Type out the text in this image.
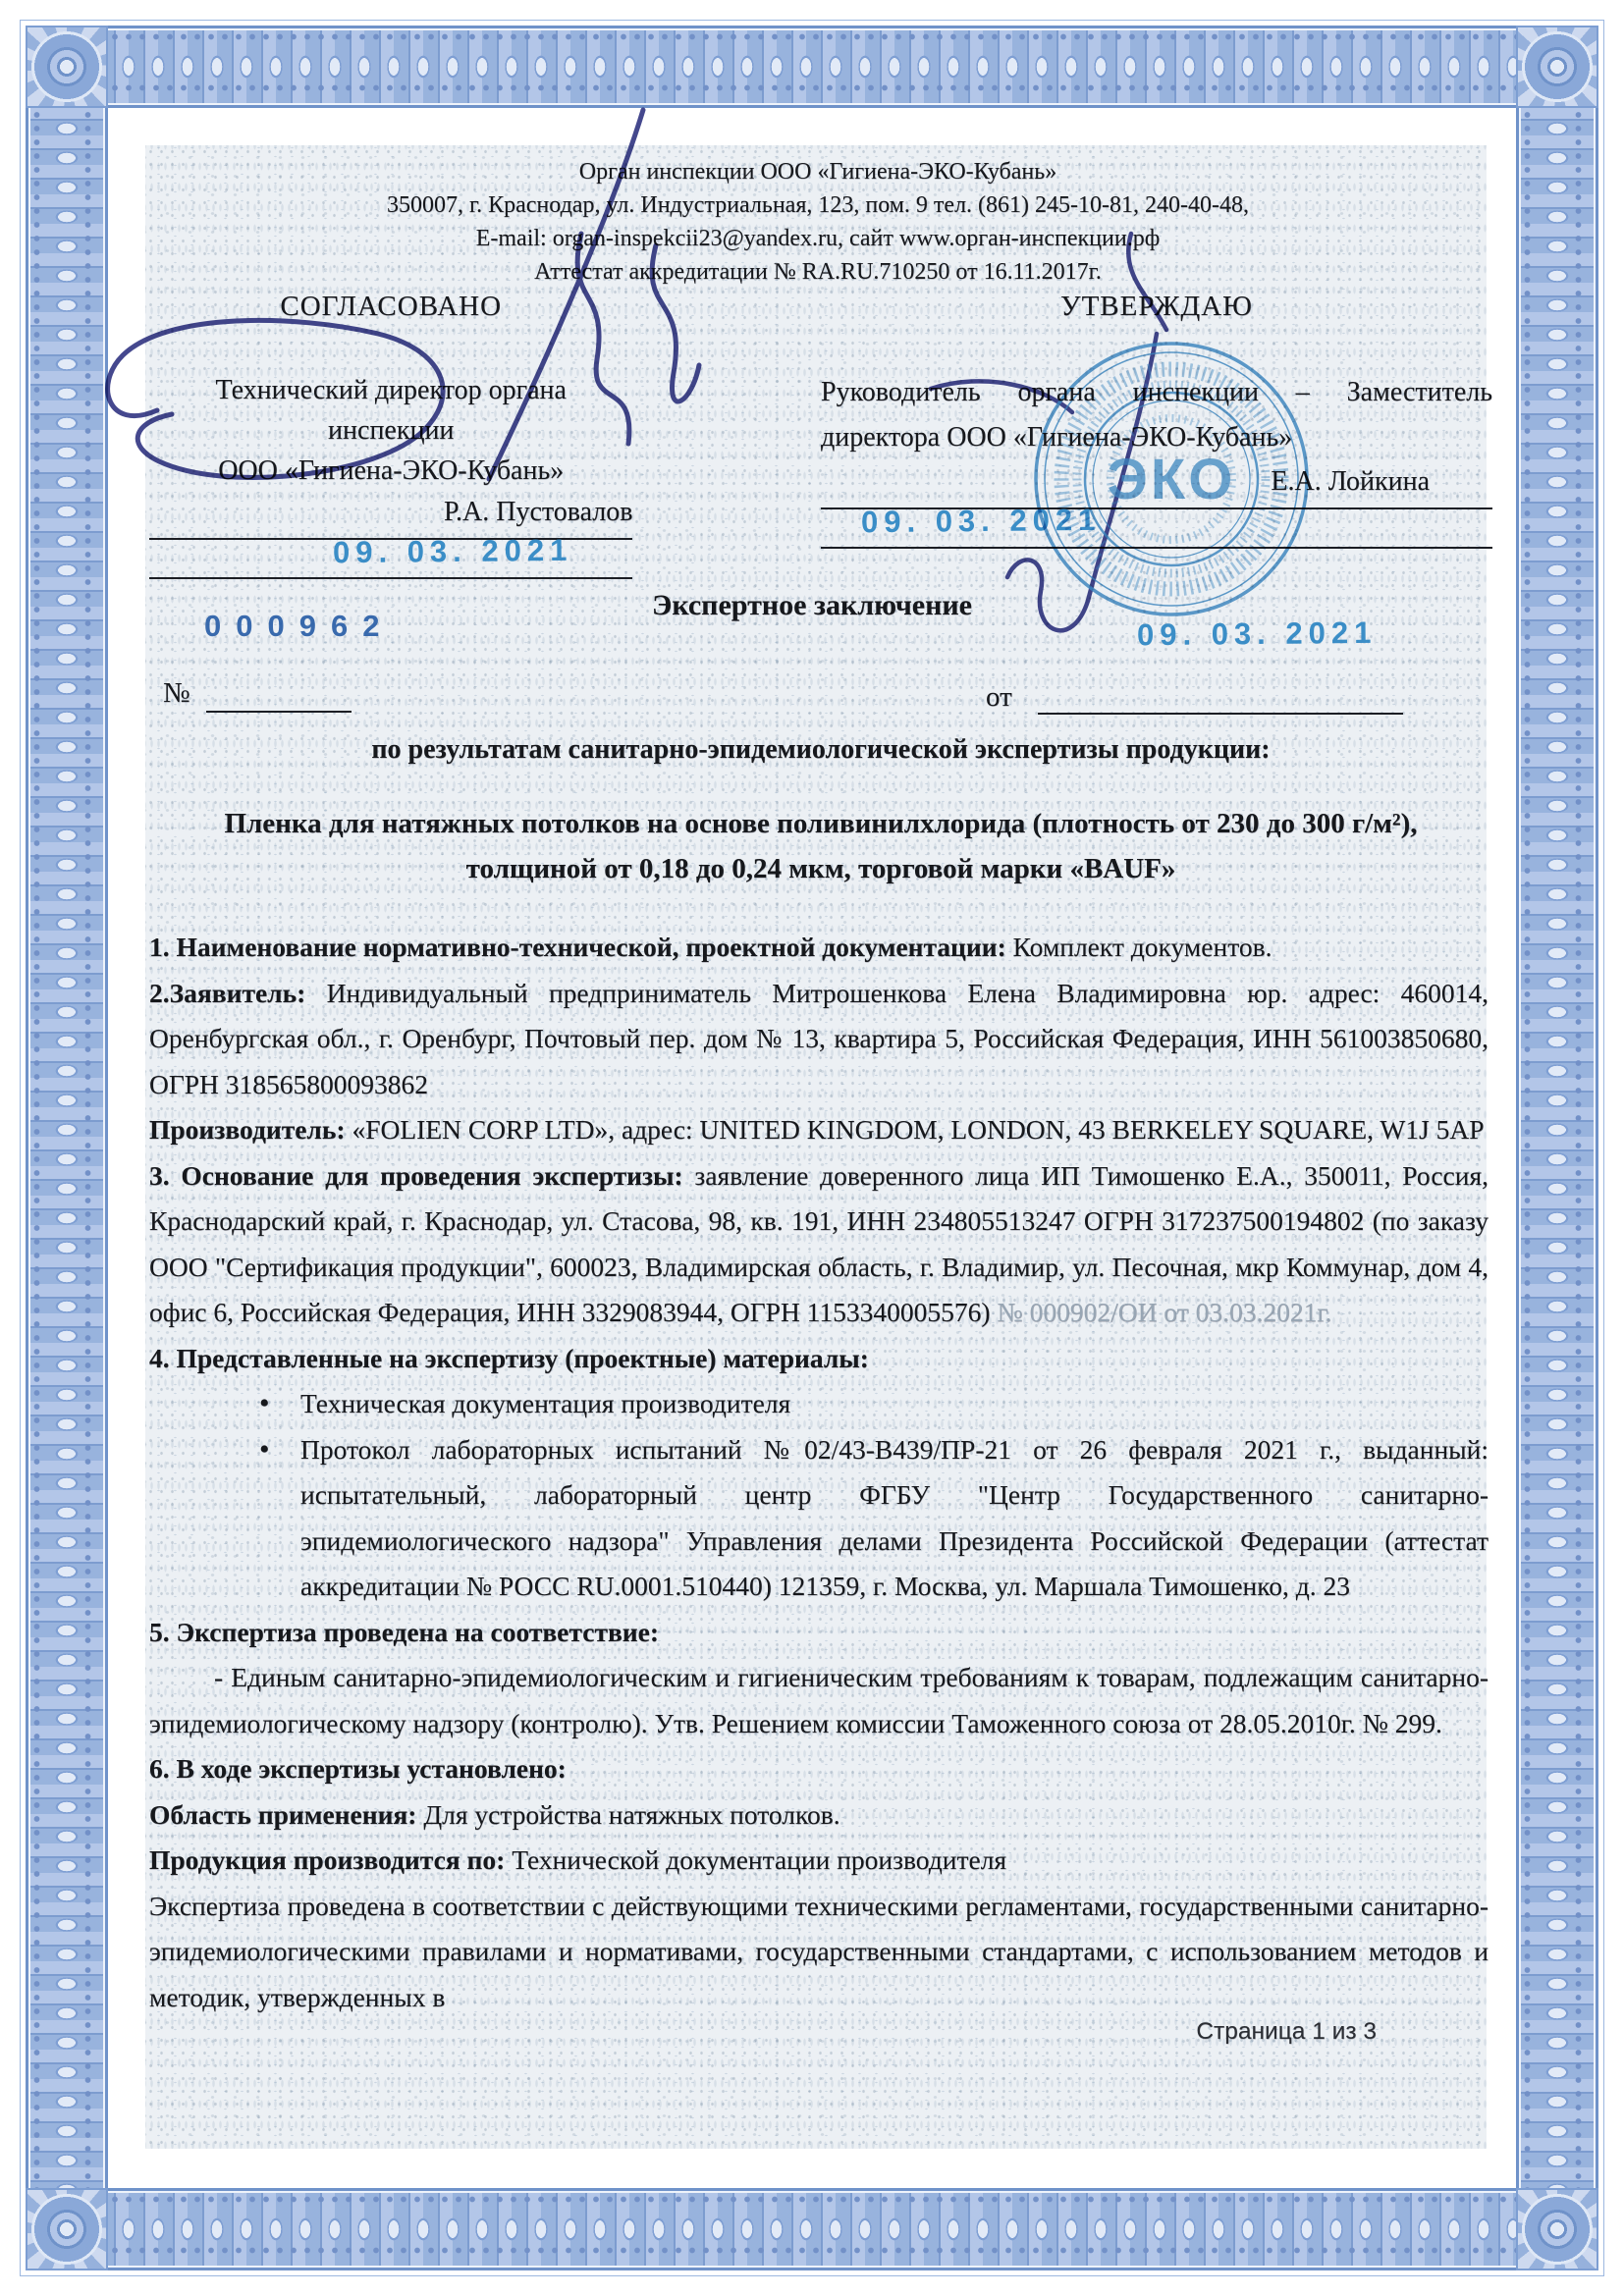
Орган инспекции ООО «Гигиена-ЭКО-Кубань»
350007, г. Краснодар, ул. Индустриальная, 123, пом. 9 тел. (861) 245-10-81, 240-40-48,
E-mail: organ-inspekcii23@yandex.ru, сайт www.орган-инспекции.рф
Аттестат аккредитации № RA.RU.710250 от 16.11.2017г.
СОГЛАСОВАНО
Технический директор органа инспекции
ООО «Гигиена-ЭКО-Кубань»
Р.А. Пустовалов
09. 03. 2021
УТВЕРЖДАЮ
Руководитель органа инспекции – Заместитель директора ООО «Гигиена-ЭКО-Кубань»
Е.А. Лойкина
09. 03. 2021
Экспертное заключение
№	от
000962	09. 03. 2021
по результатам санитарно-эпидемиологической экспертизы продукции:
Пленка для натяжных потолков на основе поливинилхлорида (плотность от 230 до 300 г/м²), толщиной от 0,18 до 0,24 мкм, торговой марки «BAUF»

1. Наименование нормативно-технической, проектной документации: Комплект документов.

2.Заявитель: Индивидуальный предприниматель Митрошенкова Елена Владимировна юр. адрес: 460014, Оренбургская обл., г. Оренбург, Почтовый пер. дом № 13, квартира 5, Российская Федерация, ИНН 561003850680, ОГРН 318565800093862

Производитель: «FOLIEN CORP LTD», адрес: UNITED KINGDOM, LONDON, 43 BERKELEY SQUARE, W1J 5AP

3. Основание для проведения экспертизы: заявление доверенного лица ИП Тимошенко Е.А., 350011, Россия, Краснодарский край, г. Краснодар, ул. Стасова, 98, кв. 191, ИНН 234805513247 ОГРН 317237500194802 (по заказу ООО "Сертификация продукции", 600023, Владимирская область, г. Владимир, ул. Песочная, мкр Коммунар, дом 4, офис 6, Российская Федерация, ИНН 3329083944, ОГРН 1153340005576) № 000902/ОИ от 03.03.2021г.

4. Представленные на экспертизу (проектные) материалы:

• Техническая документация производителя
• Протокол лабораторных испытаний №02/43-В439/ПР-21 от 26 февраля 2021 г., выданный: испытательный, лабораторный центр ФГБУ "Центр Государственного санитарно-эпидемиологического надзора" Управления делами Президента Российской Федерации (аттестат аккредитации № РОСС RU.0001.510440) 121359, г. Москва, ул. Маршала Тимошенко, д. 23

5. Экспертиза проведена на соответствие:

- Единым санитарно-эпидемиологическим и гигиеническим требованиям к товарам, подлежащим санитарно-эпидемиологическому надзору (контролю). Утв. Решением комиссии Таможенного союза от 28.05.2010г. № 299.

6. В ходе экспертизы установлено:

Область применения: Для устройства натяжных потолков.

Продукция производится по: Технической документации производителя

Экспертиза проведена в соответствии с действующими техническими регламентами, государственными санитарно-эпидемиологическими правилами и нормативами, государственными стандартами, с использованием методов и методик, утвержденных в

Страница 1 из 3
ЭКО
